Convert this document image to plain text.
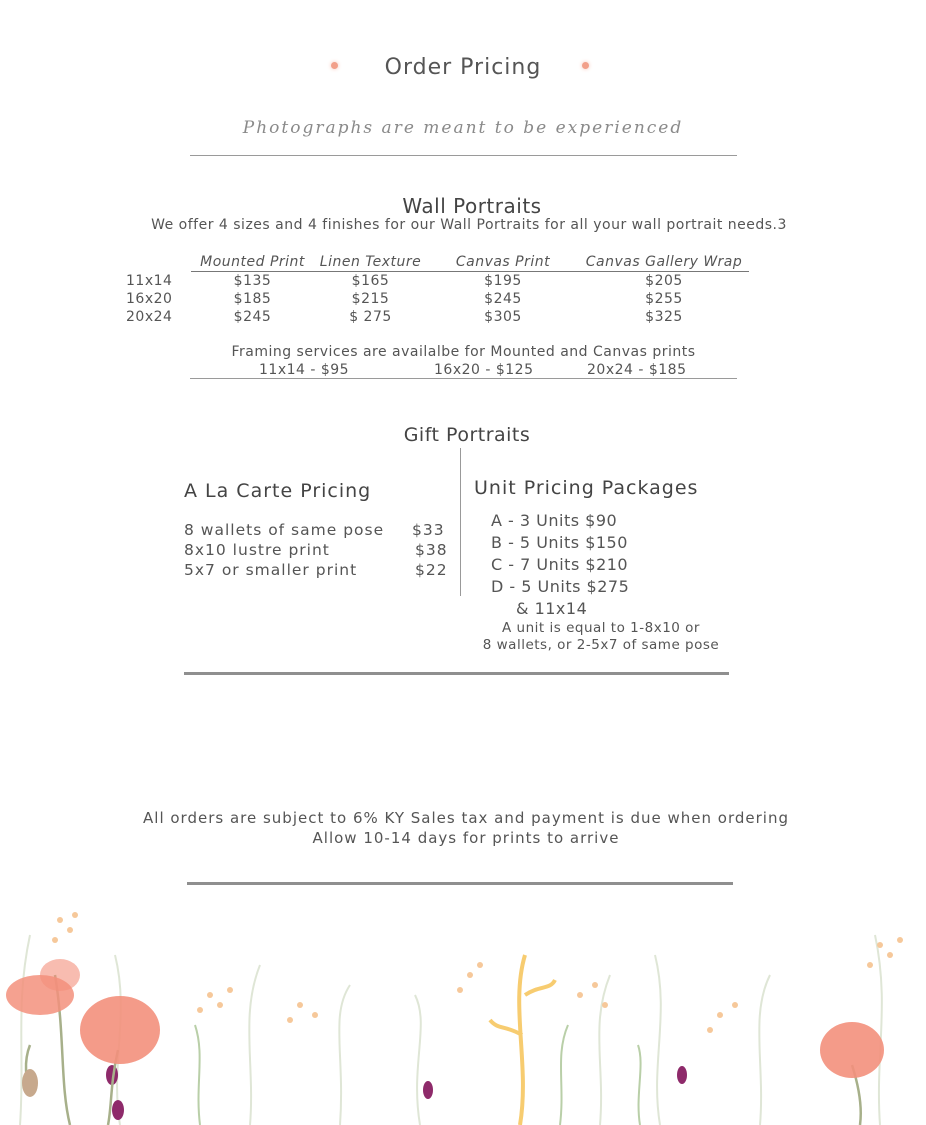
Order Pricing
Photographs are meant to be experienced
Wall Portraits
We offer 4 sizes and 4 finishes for our Wall Portraits for all your wall portrait needs.3
	Mounted Print	Linen Texture	Canvas Print	Canvas Gallery Wrap
11x14	$135	$165	$195	$205
16x20	$185	$215	$245	$255
20x24	$245	$ 275	$305	$325
Framing services are availalbe for Mounted and Canvas prints
11x14 - $95	16x20 - $125	20x24 - $185
Gift Portraits
A La Carte Pricing
8 wallets of same pose $33
8x10 lustre print	$38
5x7 or smaller print	$22
Unit Pricing Packages
A - 3 Units $90
B - 5 Units $150
C - 7 Units $210
D - 5 Units $275
& 11x14
A unit is equal to 1-8x10 or
8 wallets, or 2-5x7 of same pose
All orders are subject to 6% KY Sales tax and payment is due when ordering
Allow 10-14 days for prints to arrive
